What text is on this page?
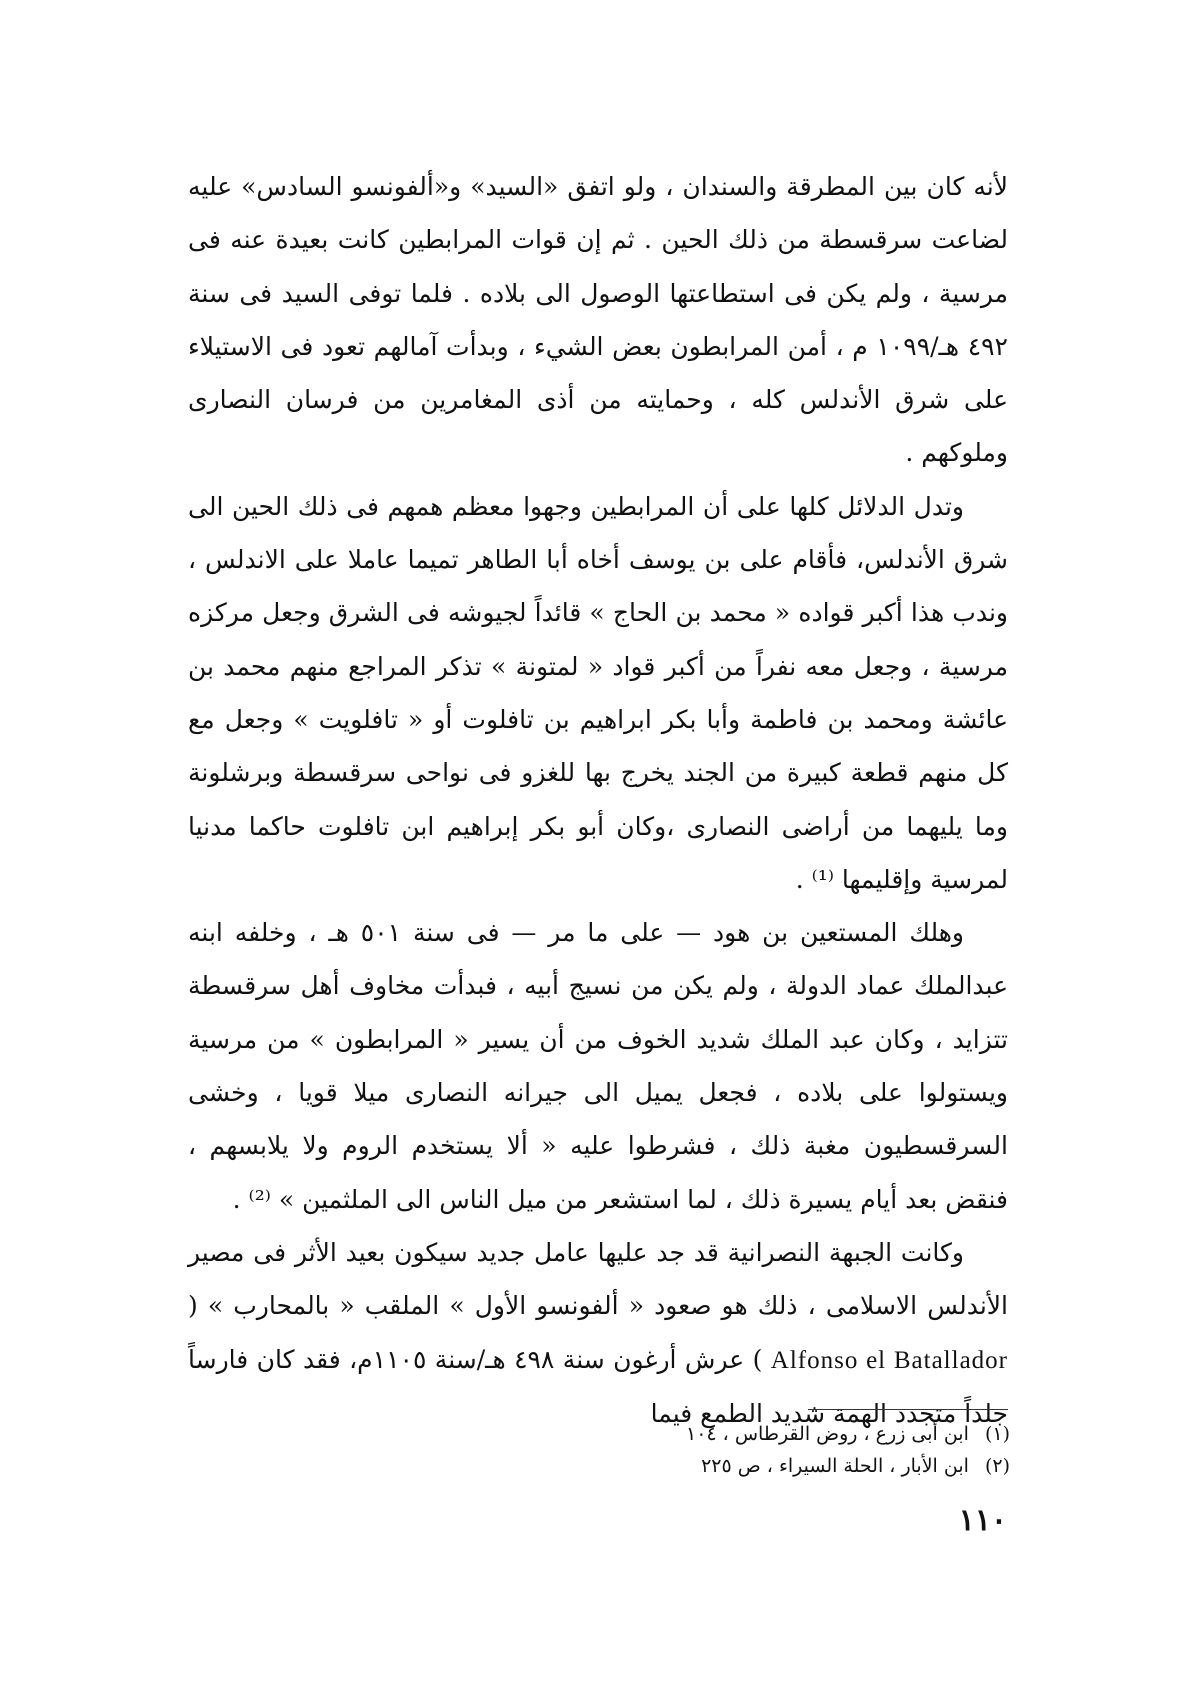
لأنه كان بين المطرقة والسندان ، ولو اتفق «السيد» و«ألفونسو السادس» عليه لضاعت سرقسطة من ذلك الحين . ثم إن قوات المرابطين كانت بعيدة عنه فى مرسية ، ولم يكن فى استطاعتها الوصول الى بلاده . فلما توفى السيد فى سنة ٤٩٢ هـ/١٠٩٩ م ، أمن المرابطون بعض الشيء ، وبدأت آمالهم تعود فى الاستيلاء على شرق الأندلس كله ، وحمايته من أذى المغامرين من فرسان النصارى وملوكهم .

وتدل الدلائل كلها على أن المرابطين وجهوا معظم همهم فى ذلك الحين الى شرق الأندلس، فأقام على بن يوسف أخاه أبا الطاهر تميما عاملا على الاندلس ، وندب هذا أكبر قواده « محمد بن الحاج » قائداً لجيوشه فى الشرق وجعل مركزه مرسية ، وجعل معه نفراً من أكبر قواد « لمتونة » تذكر المراجع منهم محمد بن عائشة ومحمد بن فاطمة وأبا بكر ابراهيم بن تافلوت أو « تافلويت » وجعل مع كل منهم قطعة كبيرة من الجند يخرج بها للغزو فى نواحى سرقسطة وبرشلونة وما يليهما من أراضى النصارى ،وكان أبو بكر إبراهيم ابن تافلوت حاكما مدنيا لمرسية وإقليمها ⁽¹⁾ .

وهلك المستعين بن هود — على ما مر — فى سنة ٥٠١ هـ ، وخلفه ابنه عبدالملك عماد الدولة ، ولم يكن من نسيج أبيه ، فبدأت مخاوف أهل سرقسطة تتزايد ، وكان عبد الملك شديد الخوف من أن يسير « المرابطون » من مرسية ويستولوا على بلاده ، فجعل يميل الى جيرانه النصارى ميلا قويا ، وخشى السرقسطيون مغبة ذلك ، فشرطوا عليه « ألا يستخدم الروم ولا يلابسهم ، فنقض بعد أيام يسيرة ذلك ، لما استشعر من ميل الناس الى الملثمين » ⁽²⁾ .

وكانت الجبهة النصرانية قد جد عليها عامل جديد سيكون بعيد الأثر فى مصير الأندلس الاسلامى ، ذلك هو صعود « ألفونسو الأول » الملقب « بالمحارب » ( Alfonso el Batallador ) عرش أرغون سنة ٤٩٨ هـ/سنة ١١٠٥م، فقد كان فارساً جلداً متجدد الهمة شديد الطمع فيما

(١) ابن أبى زرع ، روض القرطاس ، ١٠٤
(٢) ابن الأبار ، الحلة السيراء ، ص ٢٢٥
١١٠
